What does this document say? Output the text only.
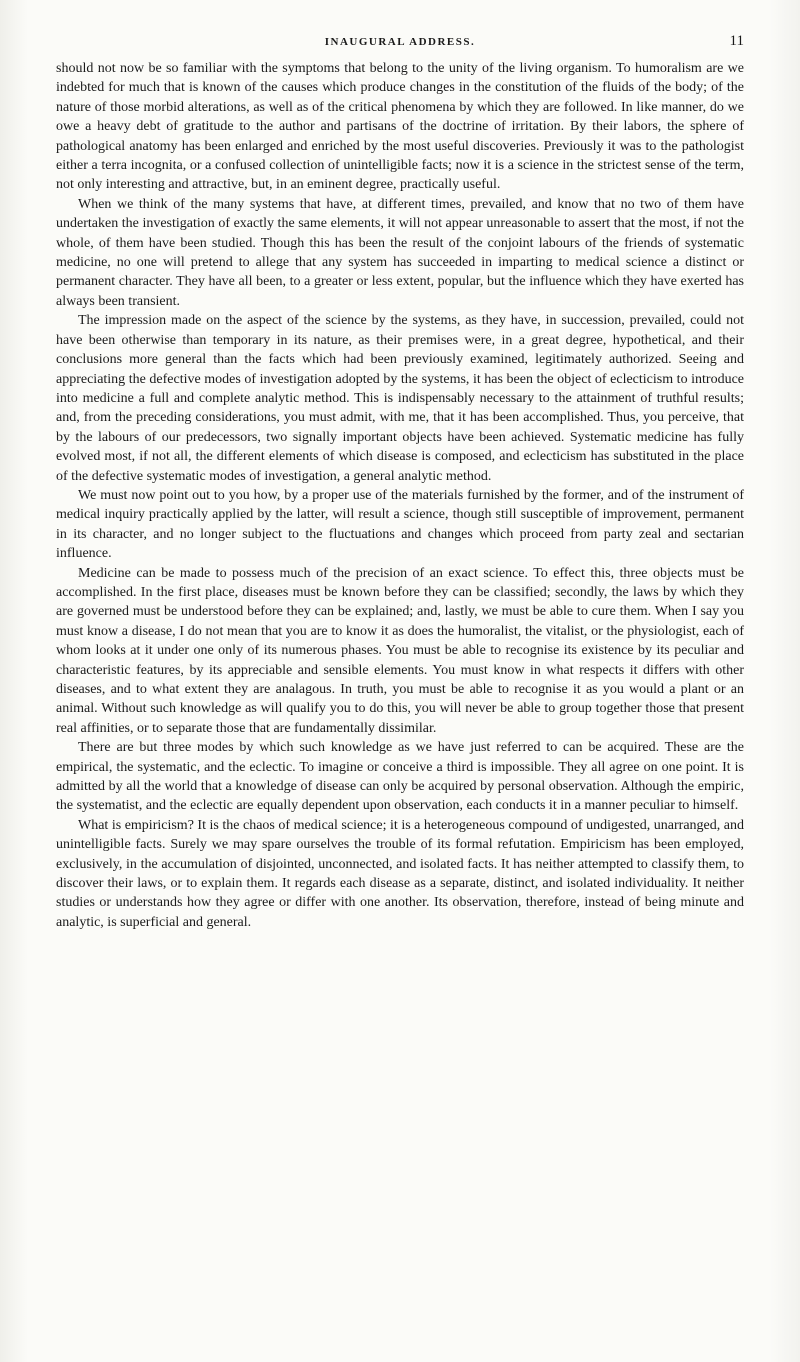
INAUGURAL ADDRESS.	11

should not now be so familiar with the symptoms that belong to the unity of the living organism. To humoralism are we indebted for much that is known of the causes which produce changes in the constitution of the fluids of the body; of the nature of those morbid alterations, as well as of the critical phenomena by which they are followed. In like manner, do we owe a heavy debt of gratitude to the author and partisans of the doctrine of irritation. By their labors, the sphere of pathological anatomy has been enlarged and enriched by the most useful discoveries. Previously it was to the pathologist either a terra incognita, or a confused collection of unintelligible facts; now it is a science in the strictest sense of the term, not only interesting and attractive, but, in an eminent degree, practically useful.

When we think of the many systems that have, at different times, prevailed, and know that no two of them have undertaken the investigation of exactly the same elements, it will not appear unreasonable to assert that the most, if not the whole, of them have been studied. Though this has been the result of the conjoint labours of the friends of systematic medicine, no one will pretend to allege that any system has succeeded in imparting to medical science a distinct or permanent character. They have all been, to a greater or less extent, popular, but the influence which they have exerted has always been transient.

The impression made on the aspect of the science by the systems, as they have, in succession, prevailed, could not have been otherwise than temporary in its nature, as their premises were, in a great degree, hypothetical, and their conclusions more general than the facts which had been previously examined, legitimately authorized. Seeing and appreciating the defective modes of investigation adopted by the systems, it has been the object of eclecticism to introduce into medicine a full and complete analytic method. This is indispensably necessary to the attainment of truthful results; and, from the preceding considerations, you must admit, with me, that it has been accomplished. Thus, you perceive, that by the labours of our predecessors, two signally important objects have been achieved. Systematic medicine has fully evolved most, if not all, the different elements of which disease is composed, and eclecticism has substituted in the place of the defective systematic modes of investigation, a general analytic method.

We must now point out to you how, by a proper use of the materials furnished by the former, and of the instrument of medical inquiry practically applied by the latter, will result a science, though still susceptible of improvement, permanent in its character, and no longer subject to the fluctuations and changes which proceed from party zeal and sectarian influence.

Medicine can be made to possess much of the precision of an exact science. To effect this, three objects must be accomplished. In the first place, diseases must be known before they can be classified; secondly, the laws by which they are governed must be understood before they can be explained; and, lastly, we must be able to cure them. When I say you must know a disease, I do not mean that you are to know it as does the humoralist, the vitalist, or the physiologist, each of whom looks at it under one only of its numerous phases. You must be able to recognise its existence by its peculiar and characteristic features, by its appreciable and sensible elements. You must know in what respects it differs with other diseases, and to what extent they are analagous. In truth, you must be able to recognise it as you would a plant or an animal. Without such knowledge as will qualify you to do this, you will never be able to group together those that present real affinities, or to separate those that are fundamentally dissimilar.

There are but three modes by which such knowledge as we have just referred to can be acquired. These are the empirical, the systematic, and the eclectic. To imagine or conceive a third is impossible. They all agree on one point. It is admitted by all the world that a knowledge of disease can only be acquired by personal observation. Although the empiric, the systematist, and the eclectic are equally dependent upon observation, each conducts it in a manner peculiar to himself.

What is empiricism? It is the chaos of medical science; it is a heterogeneous compound of undigested, unarranged, and unintelligible facts. Surely we may spare ourselves the trouble of its formal refutation. Empiricism has been employed, exclusively, in the accumulation of disjointed, unconnected, and isolated facts. It has neither attempted to classify them, to discover their laws, or to explain them. It regards each disease as a separate, distinct, and isolated individuality. It neither studies or understands how they agree or differ with one another. Its observation, therefore, instead of being minute and analytic, is superficial and general.
